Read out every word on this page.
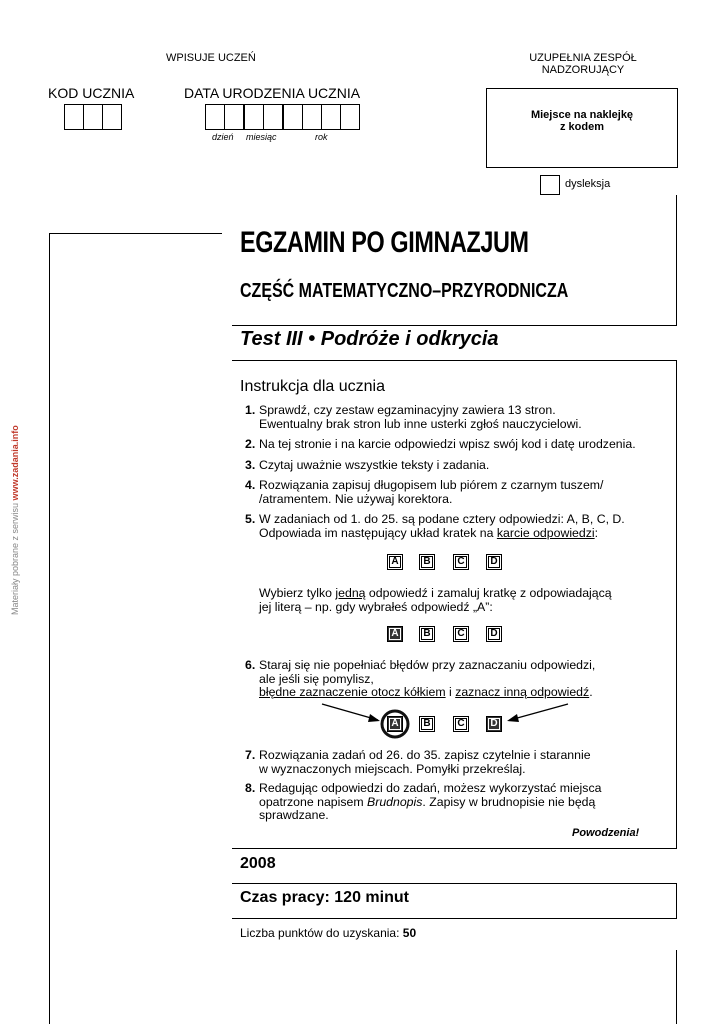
WPISUJE UCZEŃ	UZUPEŁNIA ZESPÓŁ
NADZORUJĄCY
KOD UCZNIA	DATA URODZENIA UCZNIA
dzień miesiąc	rok
Miejsce na naklejkę
z kodem
dysleksja
Materiały pobrane z serwisu www.zadania.info
EGZAMIN PO GIMNAZJUM
CZĘŚĆ MATEMATYCZNO–PRZYRODNICZA
Test III • Podróże i odkrycia
Instrukcja dla ucznia
1. Sprawdź, czy zestaw egzaminacyjny zawiera 13 stron.
Ewentualny brak stron lub inne usterki zgłoś nauczycielowi.
2. Na tej stronie i na karcie odpowiedzi wpisz swój kod i datę urodzenia.
3. Czytaj uważnie wszystkie teksty i zadania.
4. Rozwiązania zapisuj długopisem lub piórem z czarnym tuszem/
/atramentem. Nie używaj korektora.
5. W zadaniach od 1. do 25. są podane cztery odpowiedzi: A, B, C, D.
Odpowiada im następujący układ kratek na karcie odpowiedzi:
Wybierz tylko jedną odpowiedź i zamaluj kratkę z odpowiadającą
jej literą – np. gdy wybrałeś odpowiedź „A”:
6. Staraj się nie popełniać błędów przy zaznaczaniu odpowiedzi,
ale jeśli się pomylisz,
błędne zaznaczenie otocz kółkiem i zaznacz inną odpowiedź.
7. Rozwiązania zadań od 26. do 35. zapisz czytelnie i starannie
w wyznaczonych miejscach. Pomyłki przekreślaj.
8. Redagując odpowiedzi do zadań, możesz wykorzystać miejsca
opatrzone napisem Brudnopis. Zapisy w brudnopisie nie będą
sprawdzane.
A B	C	D
A B	C	D
A B	C	D
Powodzenia!
2008
Czas pracy: 120 minut
Liczba punktów do uzyskania: 50
